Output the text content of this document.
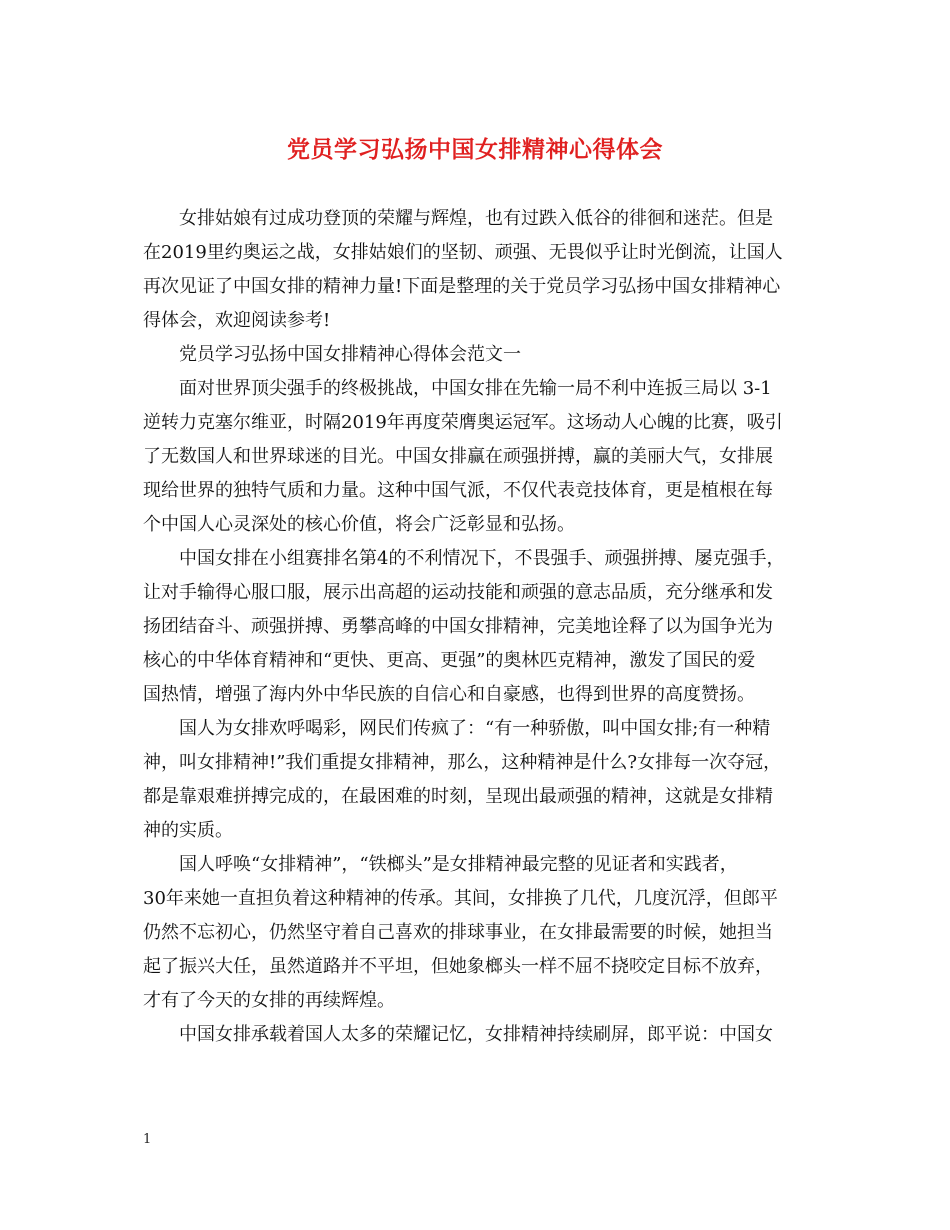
党员学习弘扬中国女排精神心得体会
女排姑娘有过成功登顶的荣耀与辉煌，也有过跌入低谷的徘徊和迷茫。但是
在2019里约奥运之战，女排姑娘们的坚韧、顽强、无畏似乎让时光倒流，让国人
再次见证了中国女排的精神力量!下面是整理的关于党员学习弘扬中国女排精神心
得体会，欢迎阅读参考!
党员学习弘扬中国女排精神心得体会范文一
面对世界顶尖强手的终极挑战，中国女排在先输一局不利中连扳三局以 3-1
逆转力克塞尔维亚，时隔2019年再度荣膺奥运冠军。这场动人心魄的比赛，吸引
了无数国人和世界球迷的目光。中国女排赢在顽强拼搏，赢的美丽大气，女排展
现给世界的独特气质和力量。这种中国气派，不仅代表竞技体育，更是植根在每
个中国人心灵深处的核心价值，将会广泛彰显和弘扬。
中国女排在小组赛排名第4的不利情况下，不畏强手、顽强拼搏、屡克强手，
让对手输得心服口服，展示出高超的运动技能和顽强的意志品质，充分继承和发
扬团结奋斗、顽强拼搏、勇攀高峰的中国女排精神，完美地诠释了以为国争光为
核心的中华体育精神和“更快、更高、更强”的奥林匹克精神，激发了国民的爱
国热情，增强了海内外中华民族的自信心和自豪感，也得到世界的高度赞扬。
国人为女排欢呼喝彩，网民们传疯了：“有一种骄傲，叫中国女排;有一种精
神，叫女排精神!”我们重提女排精神，那么，这种精神是什么?女排每一次夺冠，
都是靠艰难拼搏完成的，在最困难的时刻，呈现出最顽强的精神，这就是女排精
神的实质。
国人呼唤“女排精神”，“铁榔头”是女排精神最完整的见证者和实践者，
30年来她一直担负着这种精神的传承。其间，女排换了几代，几度沉浮，但郎平
仍然不忘初心，仍然坚守着自己喜欢的排球事业，在女排最需要的时候，她担当
起了振兴大任，虽然道路并不平坦，但她象榔头一样不屈不挠咬定目标不放弃，
才有了今天的女排的再续辉煌。
中国女排承载着国人太多的荣耀记忆，女排精神持续刷屏，郎平说：中国女
1
